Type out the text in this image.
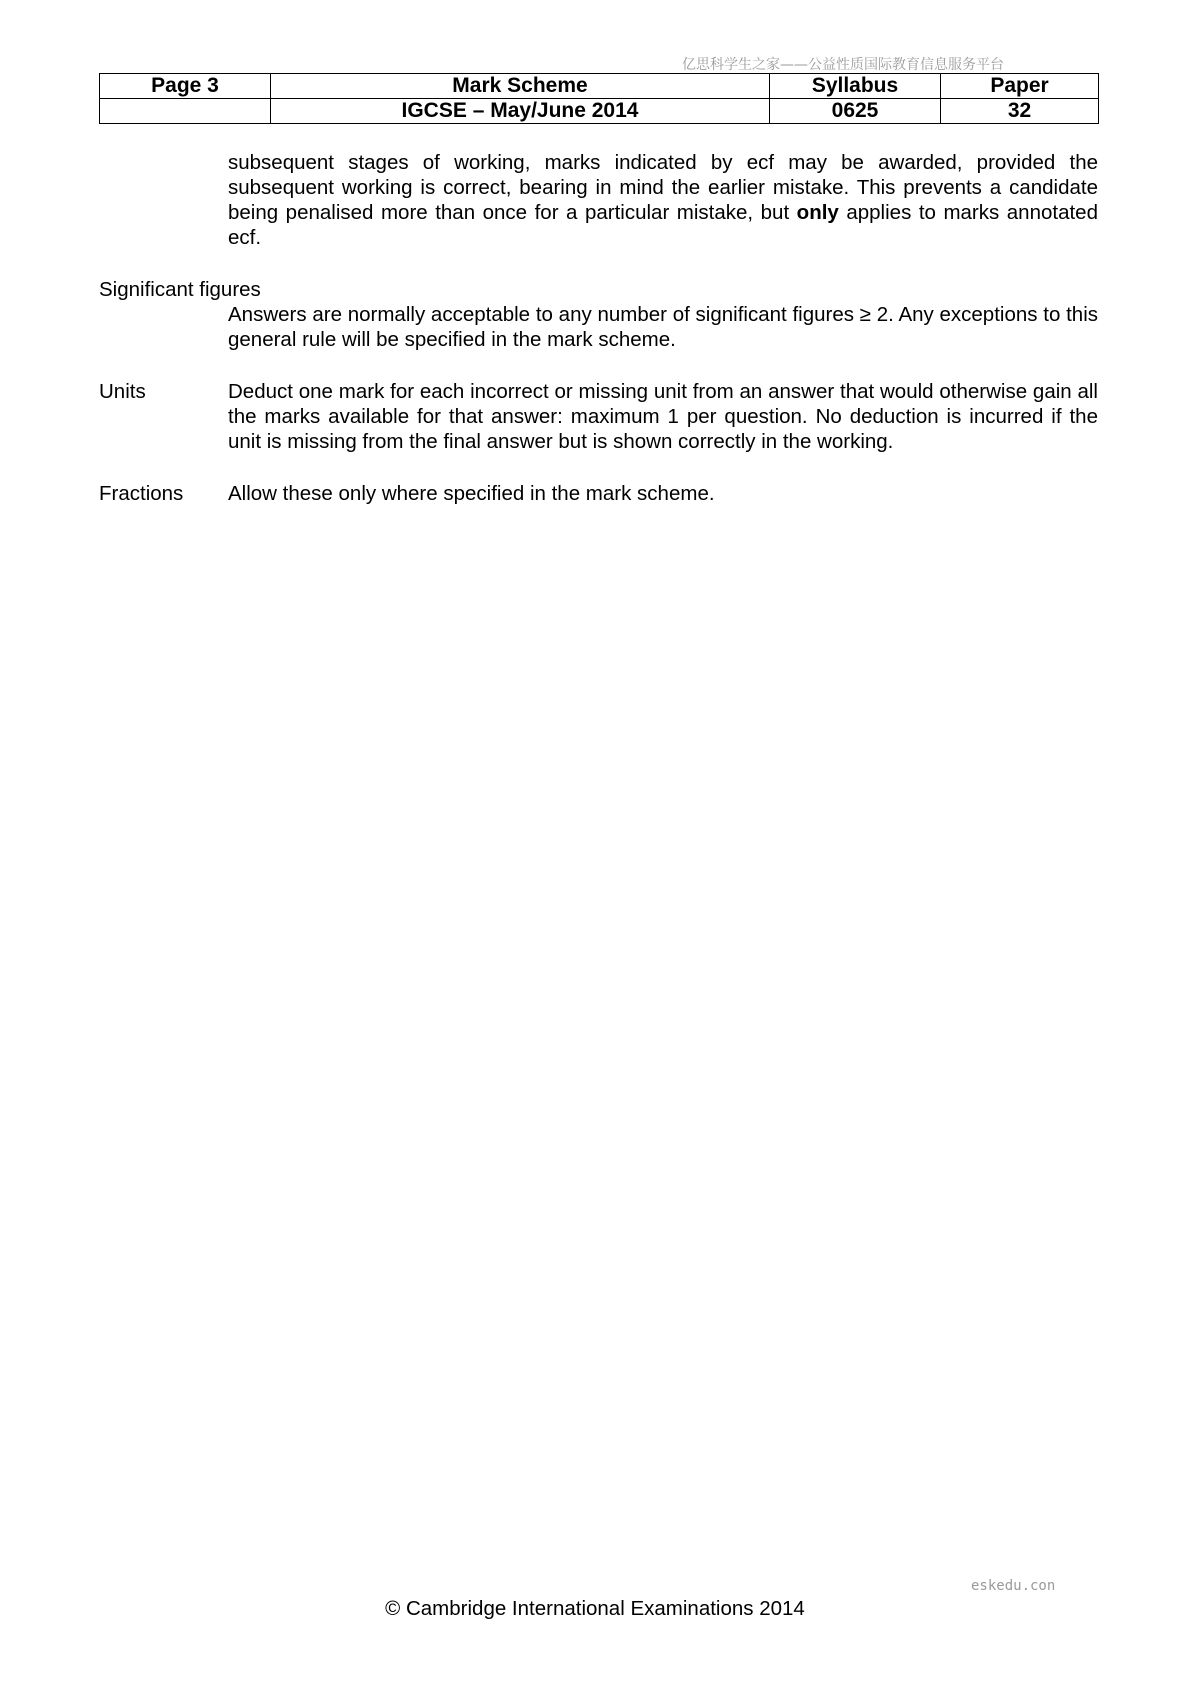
亿思科学生之家——公益性质国际教育信息服务平台
Page 3	Mark Scheme	Syllabus	Paper
	IGCSE – May/June 2014	0625	32
subsequent stages of working, marks indicated by ecf may be awarded, provided the subsequent working is correct, bearing in mind the earlier mistake. This prevents a candidate being penalised more than once for a particular mistake, but only applies to marks annotated ecf.
Significant figures
Answers are normally acceptable to any number of significant figures ≥ 2. Any exceptions to this general rule will be specified in the mark scheme.
Units	Deduct one mark for each incorrect or missing unit from an answer that would otherwise gain all the marks available for that answer: maximum 1 per question. No deduction is incurred if the unit is missing from the final answer but is shown correctly in the working.
Fractions Allow these only where specified in the mark scheme.
eskedu.con
© Cambridge International Examinations 2014
